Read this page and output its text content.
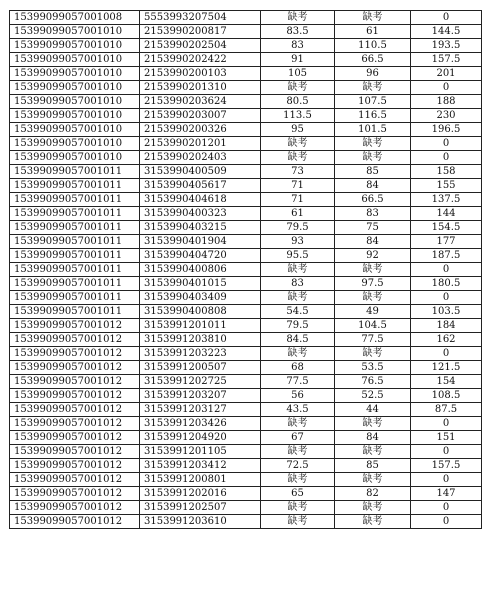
15399099057001008	5553993207504	缺考	缺考	0
15399099057001010	2153990200817	83.5	61	144.5
15399099057001010	2153990202504	83	110.5	193.5
15399099057001010	2153990202422	91	66.5	157.5
15399099057001010	2153990200103	105	96	201
15399099057001010	2153990201310	缺考	缺考	0
15399099057001010	2153990203624	80.5	107.5	188
15399099057001010	2153990203007	113.5	116.5	230
15399099057001010	2153990200326	95	101.5	196.5
15399099057001010	2153990201201	缺考	缺考	0
15399099057001010	2153990202403	缺考	缺考	0
15399099057001011	3153990400509	73	85	158
15399099057001011	3153990405617	71	84	155
15399099057001011	3153990404618	71	66.5	137.5
15399099057001011	3153990400323	61	83	144
15399099057001011	3153990403215	79.5	75	154.5
15399099057001011	3153990401904	93	84	177
15399099057001011	3153990404720	95.5	92	187.5
15399099057001011	3153990400806	缺考	缺考	0
15399099057001011	3153990401015	83	97.5	180.5
15399099057001011	3153990403409	缺考	缺考	0
15399099057001011	3153990400808	54.5	49	103.5
15399099057001012	3153991201011	79.5	104.5	184
15399099057001012	3153991203810	84.5	77.5	162
15399099057001012	3153991203223	缺考	缺考	0
15399099057001012	3153991200507	68	53.5	121.5
15399099057001012	3153991202725	77.5	76.5	154
15399099057001012	3153991203207	56	52.5	108.5
15399099057001012	3153991203127	43.5	44	87.5
15399099057001012	3153991203426	缺考	缺考	0
15399099057001012	3153991204920	67	84	151
15399099057001012	3153991201105	缺考	缺考	0
15399099057001012	3153991203412	72.5	85	157.5
15399099057001012	3153991200801	缺考	缺考	0
15399099057001012	3153991202016	65	82	147
15399099057001012	3153991202507	缺考	缺考	0
15399099057001012	3153991203610	缺考	缺考	0
